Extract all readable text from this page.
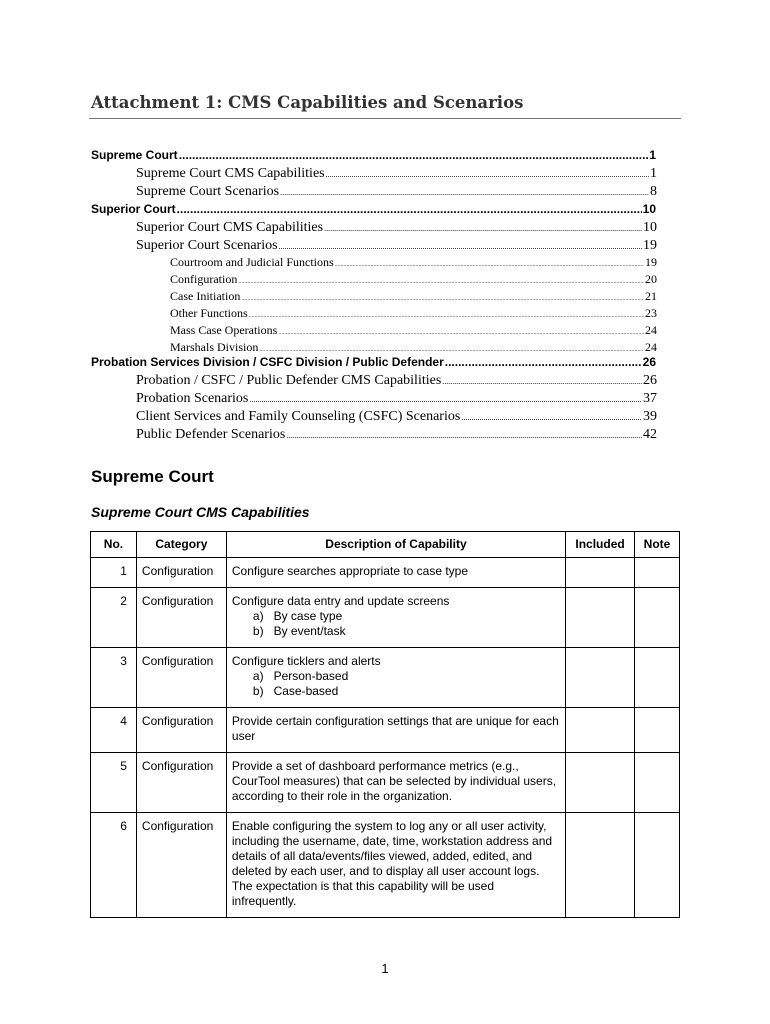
Attachment 1: CMS Capabilities and Scenarios
Supreme Court .....	1
Supreme Court CMS Capabilities .....	1
Supreme Court Scenarios .....	8
Superior Court .....	10
Superior Court CMS Capabilities .....	10
Superior Court Scenarios .....	19
Courtroom and Judicial Functions .....	19
Configuration .....	20
Case Initiation .....	21
Other Functions .....	23
Mass Case Operations .....	24
Marshals Division .....	24
Probation Services Division / CSFC Division / Public Defender .....	26
Probation / CSFC / Public Defender CMS Capabilities .....	26
Probation Scenarios .....	37
Client Services and Family Counseling (CSFC) Scenarios .....	39
Public Defender Scenarios .....	42
Supreme Court
Supreme Court CMS Capabilities
No.	Category	Description of Capability	Included	Note
1	Configuration	Configure searches appropriate to case type		

2	Configuration	Configure data entry and update screens
a)   By case type
b)   By event/task		

3	Configuration	Configure ticklers and alerts
a)   Person-based
b)   Case-based		

4	Configuration	Provide certain configuration settings that are unique for each user		

5	Configuration	Provide a set of dashboard performance metrics (e.g., CourTool measures) that can be selected by individual users, according to their role in the organization.		

6	Configuration	Enable configuring the system to log any or all user activity, including the username, date, time, workstation address and details of all data/events/files viewed, added, edited, and deleted by each user, and to display all user account logs. The expectation is that this capability will be used infrequently.		

1
